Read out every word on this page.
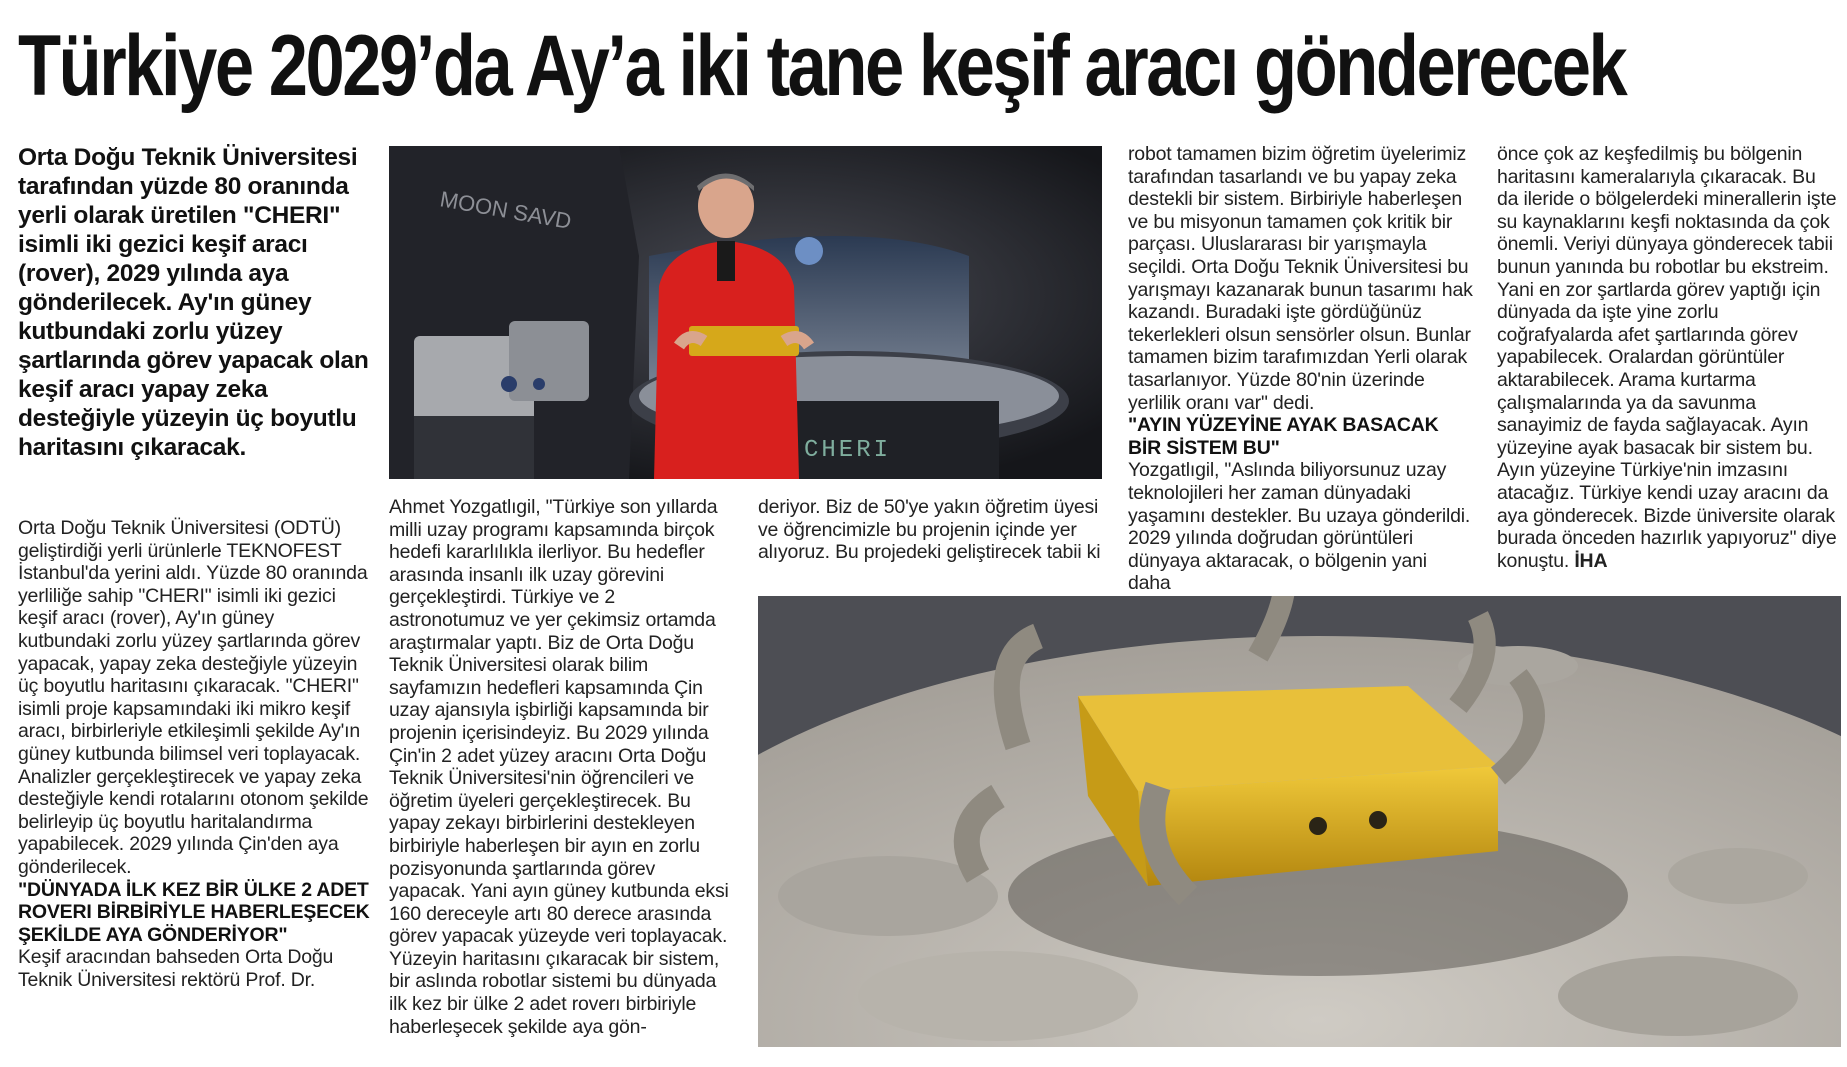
Türkiye 2029’da Ay’a iki tane keşif aracı gönderecek
Orta Doğu Teknik Üniversitesi tarafından yüzde 80 oranında yerli olarak üretilen "CHERI" isimli iki gezici keşif aracı (rover), 2029 yılında aya gönderilecek. Ay'ın güney kutbundaki zorlu yüzey şartlarında görev yapacak olan keşif aracı yapay zeka desteğiyle yüzeyin üç boyutlu haritasını çıkaracak.

Orta Doğu Teknik Üniversitesi (ODTÜ) geliştirdiği yerli ürünlerle TEKNOFEST İstanbul'da yerini aldı. Yüzde 80 oranında yerliliğe sahip "CHERI" isimli iki gezici keşif aracı (rover), Ay'ın güney kutbundaki zorlu yüzey şartlarında görev yapacak, yapay zeka desteğiyle yüzeyin üç boyutlu haritasını çıkaracak. "CHERI" isimli proje kapsamındaki iki mikro keşif aracı, birbirleriyle etkileşimli şekilde Ay'ın güney kutbunda bilimsel veri toplayacak. Analizler gerçekleştirecek ve yapay zeka desteğiyle kendi rotalarını otonom şekilde belirleyip üç boyutlu haritalandırma yapabilecek. 2029 yılında Çin'den aya gönderilecek.

"DÜNYADA İLK KEZ BİR ÜLKE 2 ADET ROVERI BİRBİRİYLE HABERLEŞECEK ŞEKİLDE AYA GÖNDERİYOR"

Keşif aracından bahseden Orta Doğu Teknik Üniversitesi rektörü Prof. Dr.

Ahmet Yozgatlıgil, "Türkiye son yıllarda milli uzay programı kapsamında birçok hedefi kararlılıkla ilerliyor. Bu hedefler arasında insanlı ilk uzay görevini gerçekleştirdi. Türkiye ve 2 astronotumuz ve yer çekimsiz ortamda araştırmalar yaptı. Biz de Orta Doğu Teknik Üniversitesi olarak bilim sayfamızın hedefleri kapsamında Çin uzay ajansıyla işbirliği kapsamında bir projenin içerisindeyiz. Bu 2029 yılında Çin'in 2 adet yüzey aracını Orta Doğu Teknik Üniversitesi'nin öğrencileri ve öğretim üyeleri gerçekleştirecek. Bu yapay zekayı birbirlerini destekleyen birbiriyle haberleşen bir ayın en zorlu pozisyonunda şartlarında görev yapacak. Yani ayın güney kutbunda eksi 160 dereceyle artı 80 derece arasında görev yapacak yüzeyde veri toplayacak. Yüzeyin haritasını çıkaracak bir sistem, bir aslında robotlar sistemi bu dünyada ilk kez bir ülke 2 adet roverı birbiriyle haberleşecek şekilde aya gön-

deriyor. Biz de 50'ye yakın öğretim üyesi ve öğrencimizle bu projenin içinde yer alıyoruz. Bu projedeki geliştirecek tabii ki

robot tamamen bizim öğretim üyelerimiz tarafından tasarlandı ve bu yapay zeka destekli bir sistem. Birbiriyle haberleşen ve bu misyonun tamamen çok kritik bir parçası. Uluslararası bir yarışmayla seçildi. Orta Doğu Teknik Üniversitesi bu yarışmayı kazanarak bunun tasarımı hak kazandı. Buradaki işte gördüğünüz tekerlekleri olsun sensörler olsun. Bunlar tamamen bizim tarafımızdan Yerli olarak tasarlanıyor. Yüzde 80'nin üzerinde yerlilik oranı var" dedi.

"AYIN YÜZEYİNE AYAK BASACAK BİR SİSTEM BU"

Yozgatlıgil, "Aslında biliyorsunuz uzay teknolojileri her zaman dünyadaki yaşamını destekler. Bu uzaya gönderildi. 2029 yılında doğrudan görüntüleri dünyaya aktaracak, o bölgenin yani daha

önce çok az keşfedilmiş bu bölgenin haritasını kameralarıyla çıkaracak. Bu da ileride o bölgelerdeki minerallerin işte su kaynaklarını keşfi noktasında da çok önemli. Veriyi dünyaya gönderecek tabii bunun yanında bu robotlar bu ekstreim. Yani en zor şartlarda görev yaptığı için dünyada da işte yine zorlu coğrafyalarda afet şartlarında görev yapabilecek. Oralardan görüntüler aktarabilecek. Arama kurtarma çalışmalarında ya da savunma sanayimiz de fayda sağlayacak. Ayın yüzeyine ayak basacak bir sistem bu. Ayın yüzeyine Türkiye'nin imzasını atacağız. Türkiye kendi uzay aracını da aya gönderecek. Bizde üniversite olarak burada önceden hazırlık yapıyoruz" diye konuştu. İHA

MOON SAVD
CHERI
